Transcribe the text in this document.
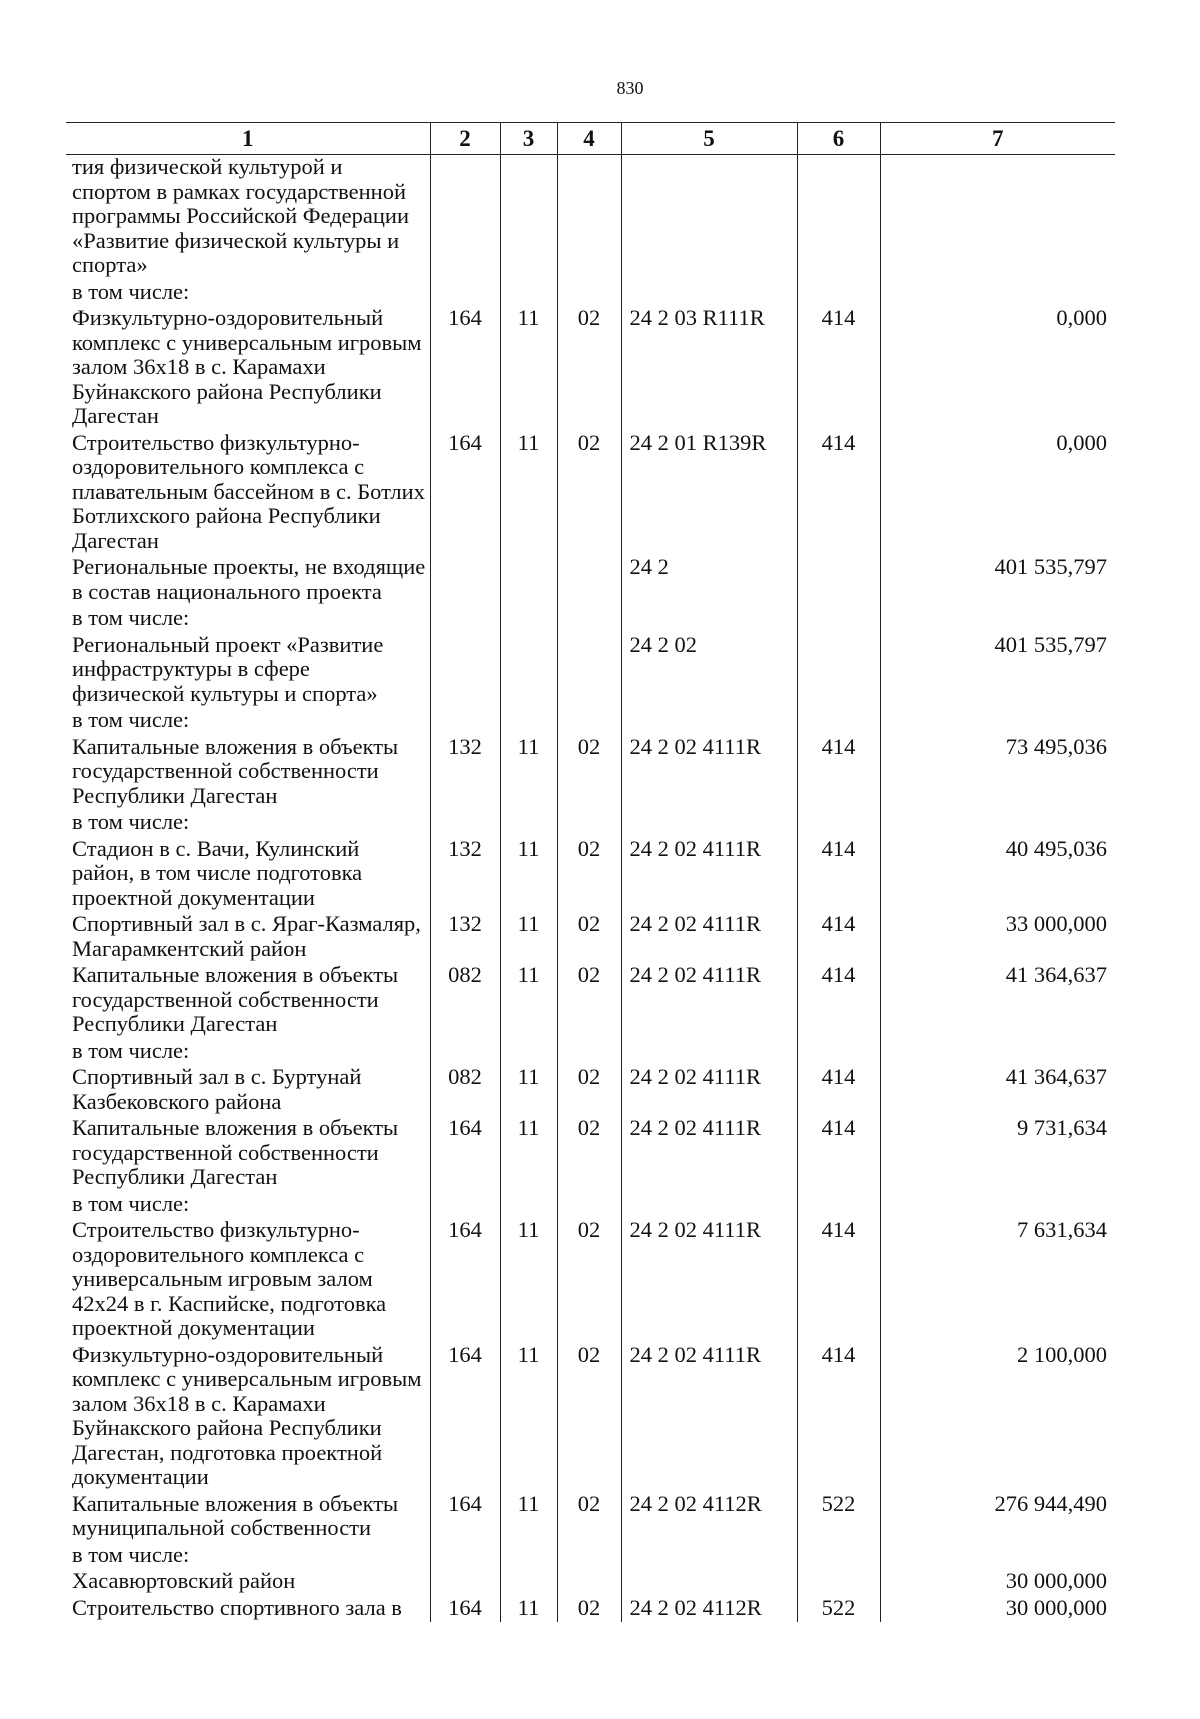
830
1	2	3	4	5	6	7
тия физической культурой и спортом в рамках государственной программы Российской Федерации «Развитие физической культуры и спорта»						
в том числе:						
Физкультурно-оздоровительный комплекс с универсальным игровым залом 36x18 в с. Карамахи Буйнакского района Республики Дагестан	164	11	02	24 2 03 R111R	414	0,000
Строительство физкультурно-оздоровительного комплекса с плавательным бассейном в с. Ботлих Ботлихского района Республики Дагестан	164	11	02	24 2 01 R139R	414	0,000
Региональные проекты, не входящие в состав национального проекта				24 2		401 535,797
в том числе:						
Региональный проект «Развитие инфраструктуры в сфере физической культуры и спорта»				24 2 02		401 535,797
в том числе:						
Капитальные вложения в объекты государственной собственности Республики Дагестан	132	11	02	24 2 02 4111R	414	73 495,036
в том числе:						
Стадион в с. Вачи, Кулинский район, в том числе подготовка проектной документации	132	11	02	24 2 02 4111R	414	40 495,036
Спортивный зал в с. Яраг-Казмаляр, Магарамкентский район	132	11	02	24 2 02 4111R	414	33 000,000
Капитальные вложения в объекты государственной собственности Республики Дагестан	082	11	02	24 2 02 4111R	414	41 364,637
в том числе:						
Спортивный зал в с. Буртунай Казбековского района	082	11	02	24 2 02 4111R	414	41 364,637
Капитальные вложения в объекты государственной собственности Республики Дагестан	164	11	02	24 2 02 4111R	414	9 731,634
в том числе:						
Строительство физкультурно-оздоровительного комплекса с универсальным игровым залом 42x24 в г. Каспийске, подготовка проектной документации	164	11	02	24 2 02 4111R	414	7 631,634
Физкультурно-оздоровительный комплекс с универсальным игровым залом 36x18 в с. Карамахи Буйнакского района Республики Дагестан, подготовка проектной документации	164	11	02	24 2 02 4111R	414	2 100,000
Капитальные вложения в объекты муниципальной собственности	164	11	02	24 2 02 4112R	522	276 944,490
в том числе:						
Хасавюртовский район						30 000,000
Строительство спортивного зала в	164	11	02	24 2 02 4112R	522	30 000,000
